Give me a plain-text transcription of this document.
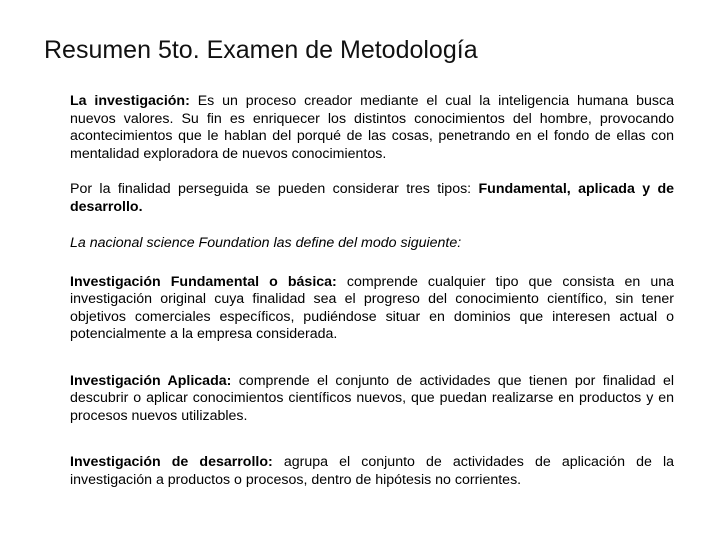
Resumen 5to. Examen de Metodología

La investigación: Es un proceso creador mediante el cual la inteligencia humana busca nuevos valores. Su fin es enriquecer los distintos conocimientos del hombre, provocando acontecimientos que le hablan del porqué de las cosas, penetrando en el fondo de ellas con mentalidad exploradora de nuevos conocimientos.

Por la finalidad perseguida se pueden considerar tres tipos: Fundamental, aplicada y de desarrollo.

La nacional science Foundation las define del modo siguiente:

Investigación Fundamental o básica: comprende cualquier tipo que consista en una investigación original cuya finalidad sea el progreso del conocimiento científico, sin tener objetivos comerciales específicos, pudiéndose situar en dominios que interesen actual o potencialmente a la empresa considerada.

Investigación Aplicada: comprende el conjunto de actividades que tienen por finalidad el descubrir o aplicar conocimientos científicos nuevos, que puedan realizarse en productos y en procesos nuevos utilizables.

Investigación de desarrollo: agrupa el conjunto de actividades de aplicación de la investigación a productos o procesos, dentro de hipótesis no corrientes.
